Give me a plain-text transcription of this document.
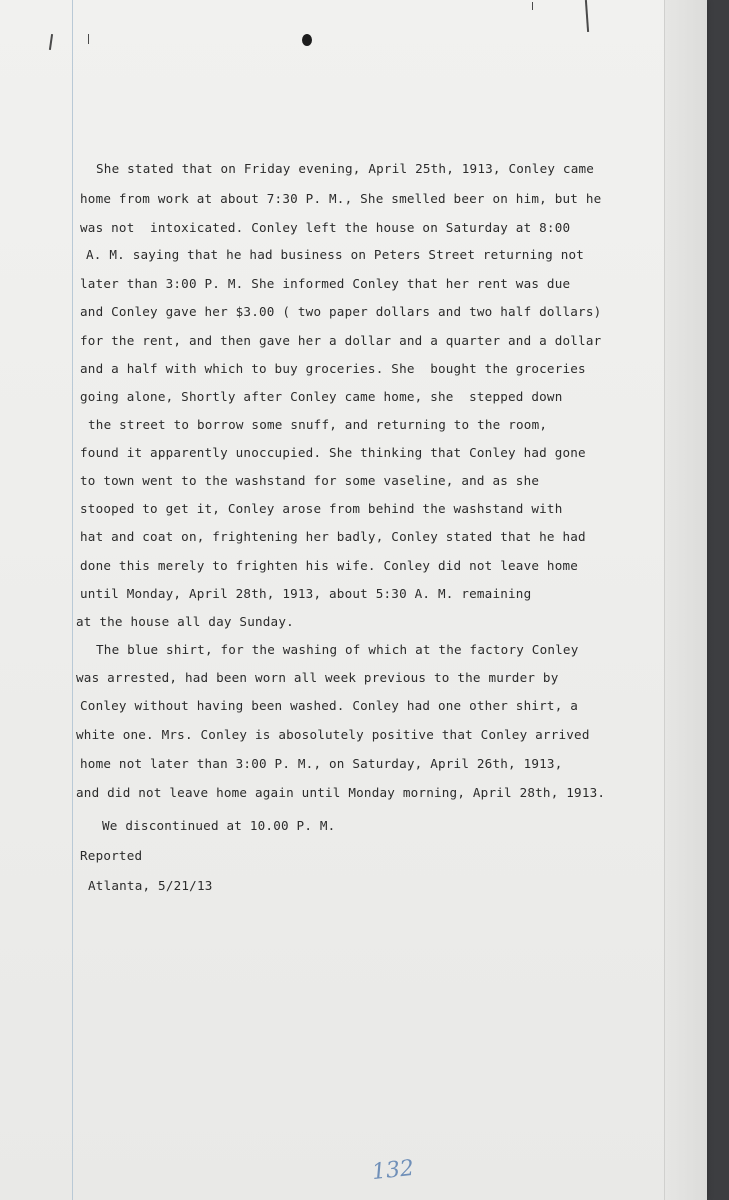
She stated that on Friday evening, April 25th, 1913, Conley came
home from work at about 7:30 P. M., She smelled beer on him, but he
was not  intoxicated. Conley left the house on Saturday at 8:00
A. M. saying that he had business on Peters Street returning not
later than 3:00 P. M. She informed Conley that her rent was due
and Conley gave her $3.00 ( two paper dollars and two half dollars)
for the rent, and then gave her a dollar and a quarter and a dollar
and a half with which to buy groceries. She  bought the groceries
going alone, Shortly after Conley came home, she  stepped down
the street to borrow some snuff, and returning to the room,
found it apparently unoccupied. She thinking that Conley had gone
to town went to the washstand for some vaseline, and as she
stooped to get it, Conley arose from behind the washstand with
hat and coat on, frightening her badly, Conley stated that he had
done this merely to frighten his wife. Conley did not leave home
until Monday, April 28th, 1913, about 5:30 A. M. remaining
at the house all day Sunday.
The blue shirt, for the washing of which at the factory Conley
was arrested, had been worn all week previous to the murder by
Conley without having been washed. Conley had one other shirt, a
white one. Mrs. Conley is abosolutely positive that Conley arrived
home not later than 3:00 P. M., on Saturday, April 26th, 1913,
and did not leave home again until Monday morning, April 28th, 1913.
We discontinued at 10.00 P. M.
Reported
Atlanta, 5/21/13
132
